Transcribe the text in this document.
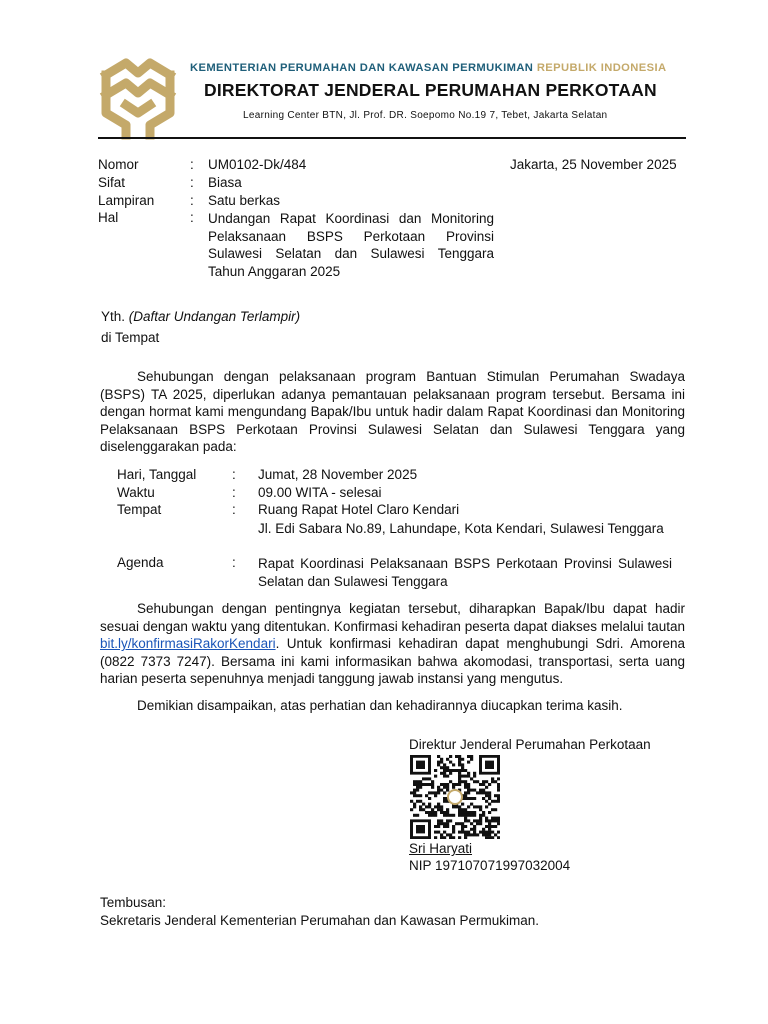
KEMENTERIAN PERUMAHAN DAN KAWASAN PERMUKIMAN REPUBLIK INDONESIA
DIREKTORAT JENDERAL PERUMAHAN PERKOTAAN
Learning Center BTN, Jl. Prof. DR. Soepomo No.19 7, Tebet, Jakarta Selatan
Jakarta, 25 November 2025
Nomor	: UM0102-Dk/484
Sifat	: Biasa
Lampiran	: Satu berkas
Hal	: Undangan Rapat Koordinasi dan Monitoring Pelaksanaan BSPS Perkotaan Provinsi Sulawesi Selatan dan Sulawesi Tenggara Tahun Anggaran 2025
Yth. (Daftar Undangan Terlampir)
di Tempat
Sehubungan dengan pelaksanaan program Bantuan Stimulan Perumahan Swadaya (BSPS) TA 2025, diperlukan adanya pemantauan pelaksanaan program tersebut. Bersama ini dengan hormat kami mengundang Bapak/Ibu untuk hadir dalam Rapat Koordinasi dan Monitoring Pelaksanaan BSPS Perkotaan Provinsi Sulawesi Selatan dan Sulawesi Tenggara yang diselenggarakan pada:
Hari, Tanggal	: Jumat, 28 November 2025
Waktu	: 09.00 WITA - selesai
Tempat	: Ruang Rapat Hotel Claro Kendari
Jl. Edi Sabara No.89, Lahundape, Kota Kendari, Sulawesi Tenggara
Agenda	: Rapat Koordinasi Pelaksanaan BSPS Perkotaan Provinsi Sulawesi Selatan dan Sulawesi Tenggara
Sehubungan dengan pentingnya kegiatan tersebut, diharapkan Bapak/Ibu dapat hadir sesuai dengan waktu yang ditentukan. Konfirmasi kehadiran peserta dapat diakses melalui tautan bit.ly/konfirmasiRakorKendari. Untuk konfirmasi kehadiran dapat menghubungi Sdri. Amorena (0822 7373 7247). Bersama ini kami informasikan bahwa akomodasi, transportasi, serta uang harian peserta sepenuhnya menjadi tanggung jawab instansi yang mengutus.
Demikian disampaikan, atas perhatian dan kehadirannya diucapkan terima kasih.
Direktur Jenderal Perumahan Perkotaan
Sri Haryati
NIP 197107071997032004
Tembusan:
Sekretaris Jenderal Kementerian Perumahan dan Kawasan Permukiman.
